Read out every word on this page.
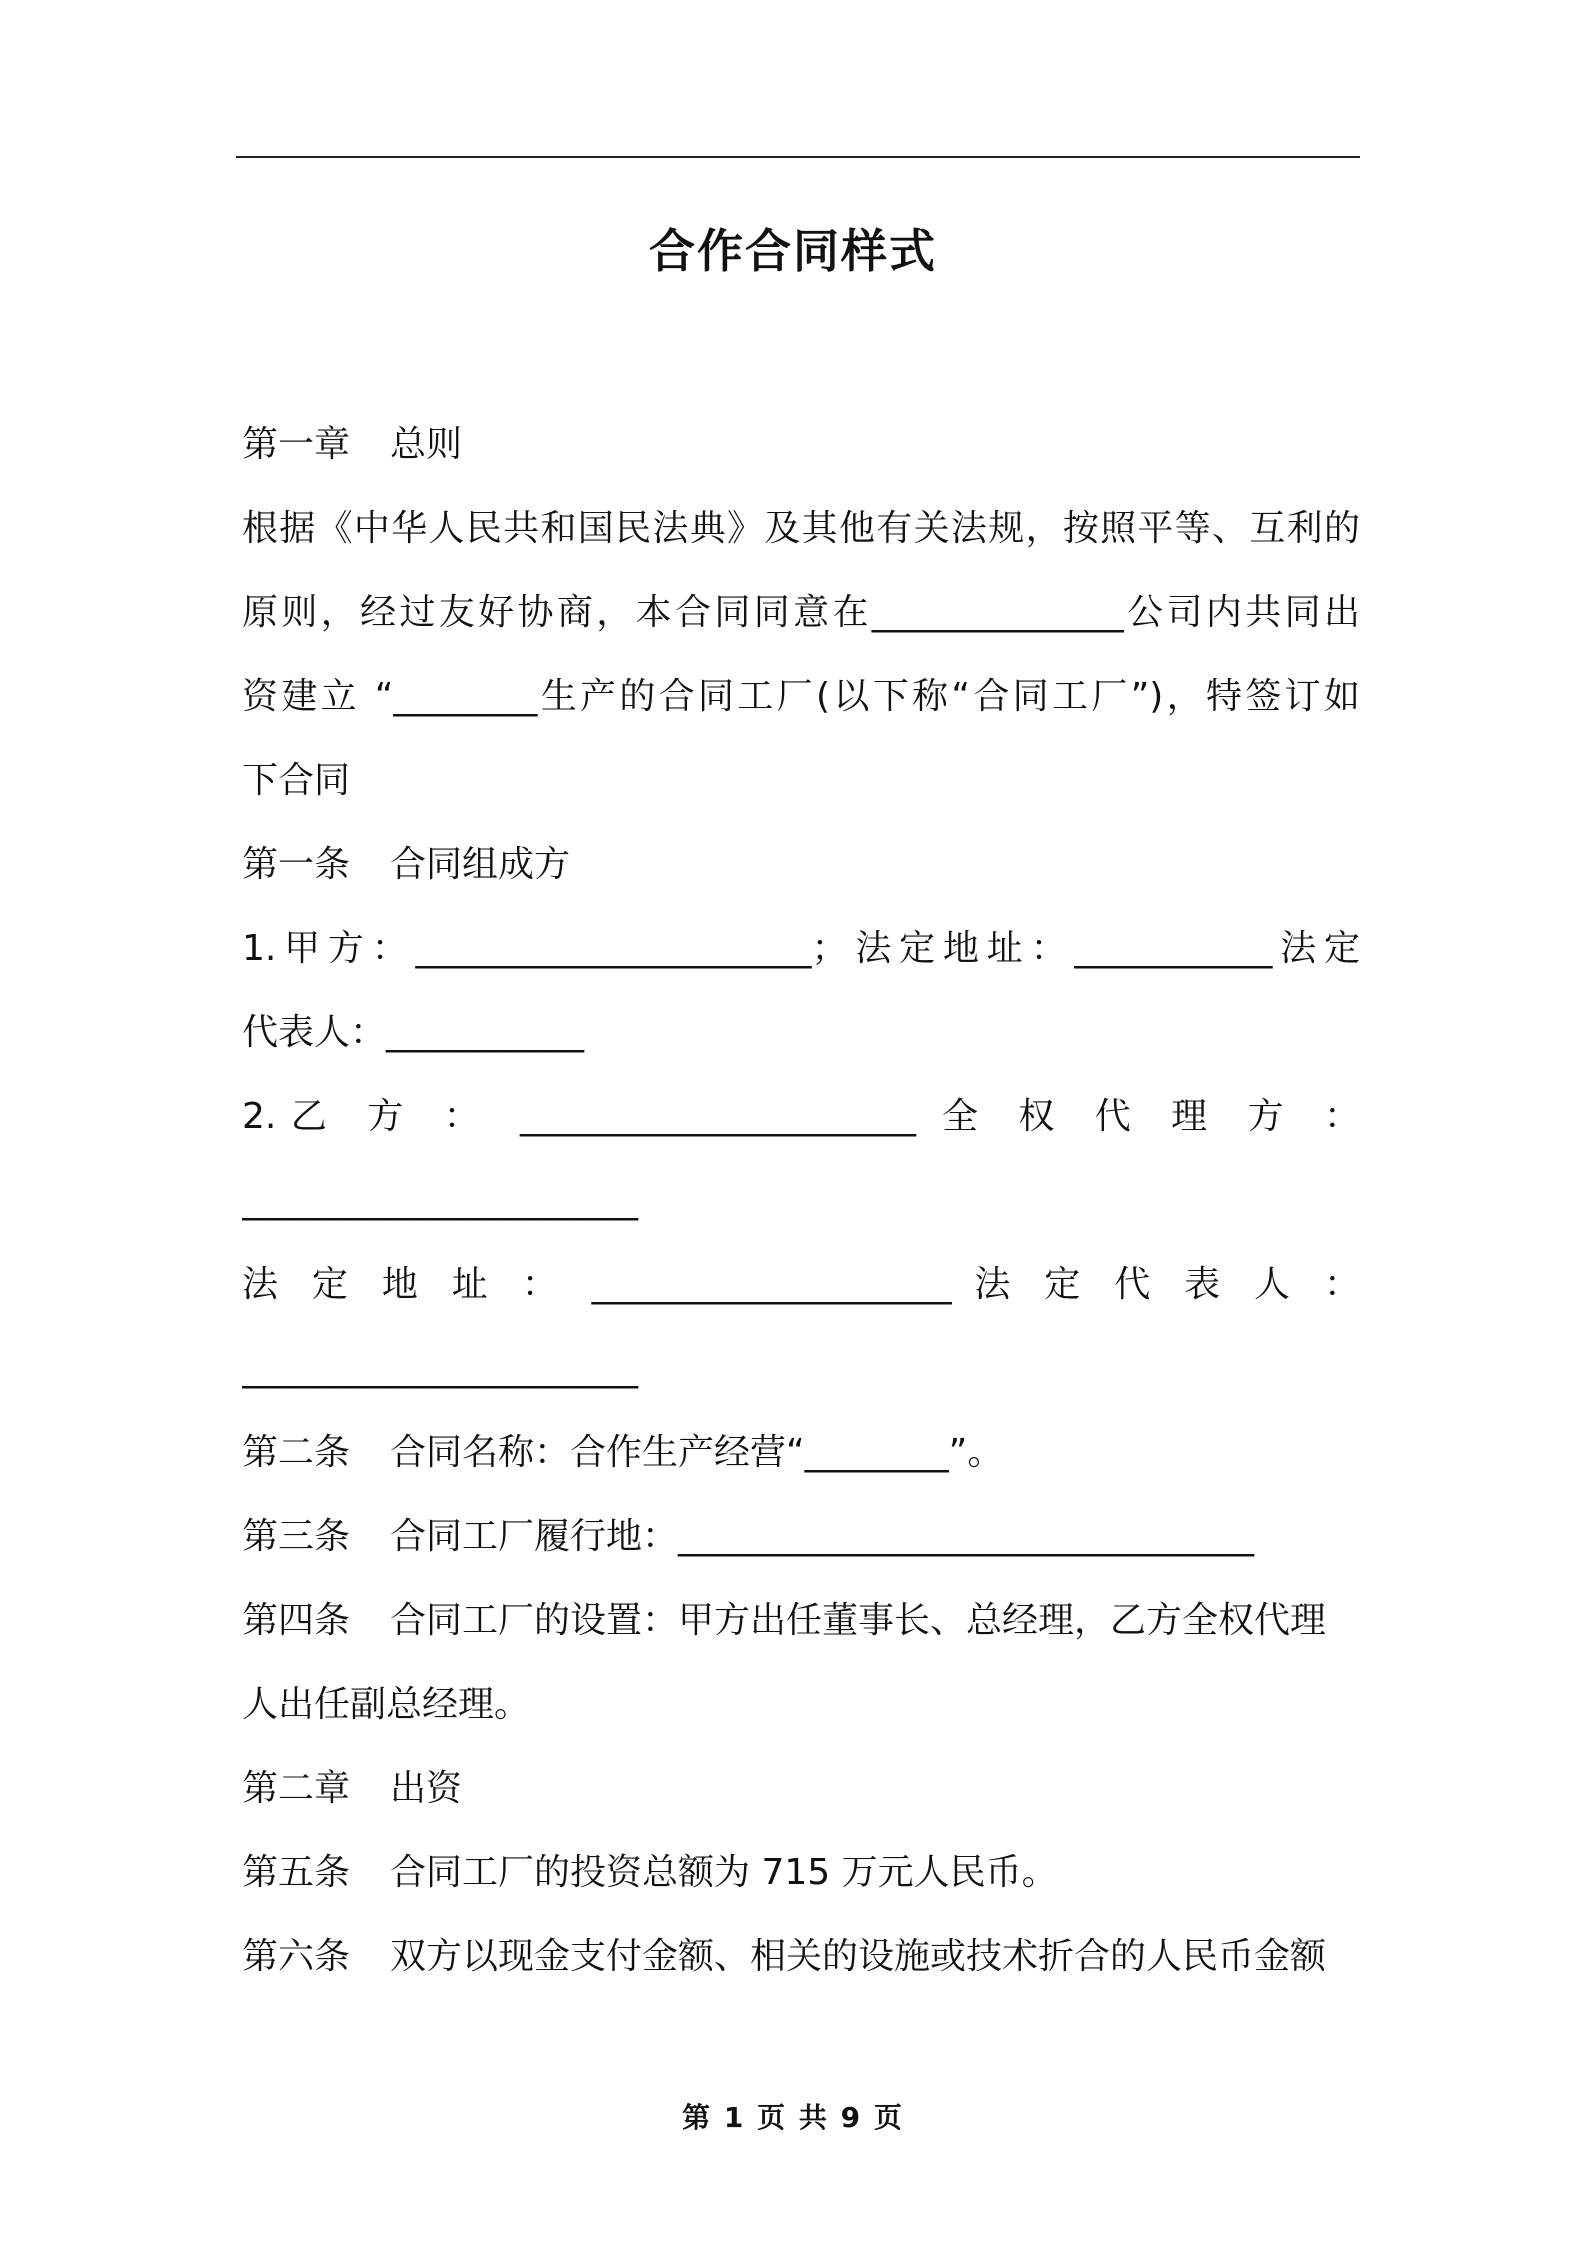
合作合同样式
第一章 总则
根据《中华人民共和国民法典》及其他有关法规，按照平等、互利的
原则，经过友好协商，本合同同意在______________公司内共同出
资建立 “________生产的合同工厂(以下称“合同工厂”)，特签订如
下合同
第一条 合同组成方
1.甲方：______________________；法定地址：___________法定
代表人：___________
2.乙 方 ： ______________________ 全 权 代 理 方 ：
______________________
法 定 地 址 ： ____________________ 法 定 代 表 人 ：
______________________
第二条 合同名称：合作生产经营“________”。
第三条 合同工厂履行地：________________________________
第四条 合同工厂的设置：甲方出任董事长、总经理，乙方全权代理
人出任副总经理。
第二章 出资
第五条 合同工厂的投资总额为 715 万元人民币。
第六条 双方以现金支付金额、相关的设施或技术折合的人民币金额
第 1 页 共 9 页
